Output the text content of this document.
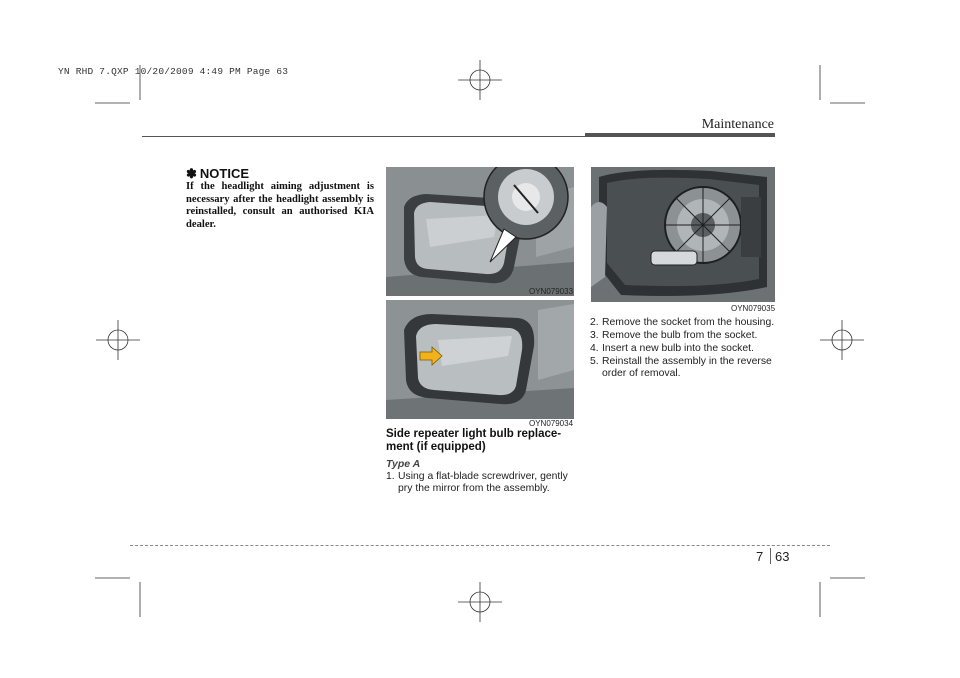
YN RHD 7.QXP 10/20/2009 4:49 PM Page 63
Maintenance
✽ NOTICE
If the headlight aiming adjustment is necessary after the headlight assembly is reinstalled, consult an authorised KIA dealer.
OYN079033
OYN079034
OYN079035
Side repeater light bulb replace-ment (if equipped)
Type A
1. Using a flat-blade screwdriver, gently pry the mirror from the assembly.
2. Remove the socket from the housing.
3. Remove the bulb from the socket.
4. Insert a new bulb into the socket.
5. Reinstall the assembly in the reverse order of removal.
7 63
